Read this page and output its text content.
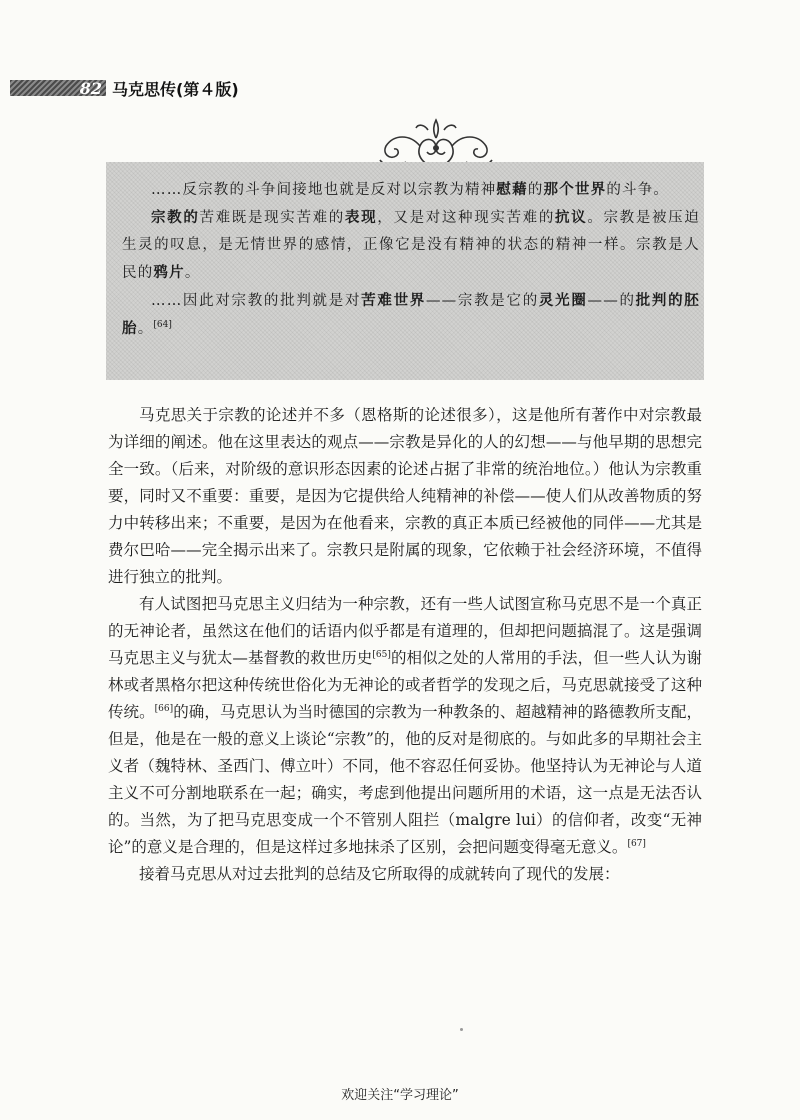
82 马克思传(第４版)

……反宗教的斗争间接地也就是反对以宗教为精神慰藉的那个世界的斗争。

宗教的苦难既是现实苦难的表现，又是对这种现实苦难的抗议。宗教是被压迫生灵的叹息，是无情世界的感情，正像它是没有精神的状态的精神一样。宗教是人民的鸦片。

……因此对宗教的批判就是对苦难世界——宗教是它的灵光圈——的批判的胚胎。[64]

马克思关于宗教的论述并不多（恩格斯的论述很多），这是他所有著作中对宗教最为详细的阐述。他在这里表达的观点——宗教是异化的人的幻想——与他早期的思想完全一致。（后来，对阶级的意识形态因素的论述占据了非常的统治地位。）他认为宗教重要，同时又不重要：重要，是因为它提供给人纯精神的补偿——使人们从改善物质的努力中转移出来；不重要，是因为在他看来，宗教的真正本质已经被他的同伴——尤其是费尔巴哈——完全揭示出来了。宗教只是附属的现象，它依赖于社会经济环境，不值得进行独立的批判。

有人试图把马克思主义归结为一种宗教，还有一些人试图宣称马克思不是一个真正的无神论者，虽然这在他们的话语内似乎都是有道理的，但却把问题搞混了。这是强调马克思主义与犹太—基督教的救世历史[65]的相似之处的人常用的手法，但一些人认为谢林或者黑格尔把这种传统世俗化为无神论的或者哲学的发现之后，马克思就接受了这种传统。[66]的确，马克思认为当时德国的宗教为一种教条的、超越精神的路德教所支配，但是，他是在一般的意义上谈论“宗教”的，他的反对是彻底的。与如此多的早期社会主义者（魏特林、圣西门、傅立叶）不同，他不容忍任何妥协。他坚持认为无神论与人道主义不可分割地联系在一起；确实，考虑到他提出问题所用的术语，这一点是无法否认的。当然，为了把马克思变成一个不管别人阻拦（malgre lui）的信仰者，改变“无神论”的意义是合理的，但是这样过多地抹杀了区别，会把问题变得毫无意义。[67]

接着马克思从对过去批判的总结及它所取得的成就转向了现代的发展：

欢迎关注“学习理论”
